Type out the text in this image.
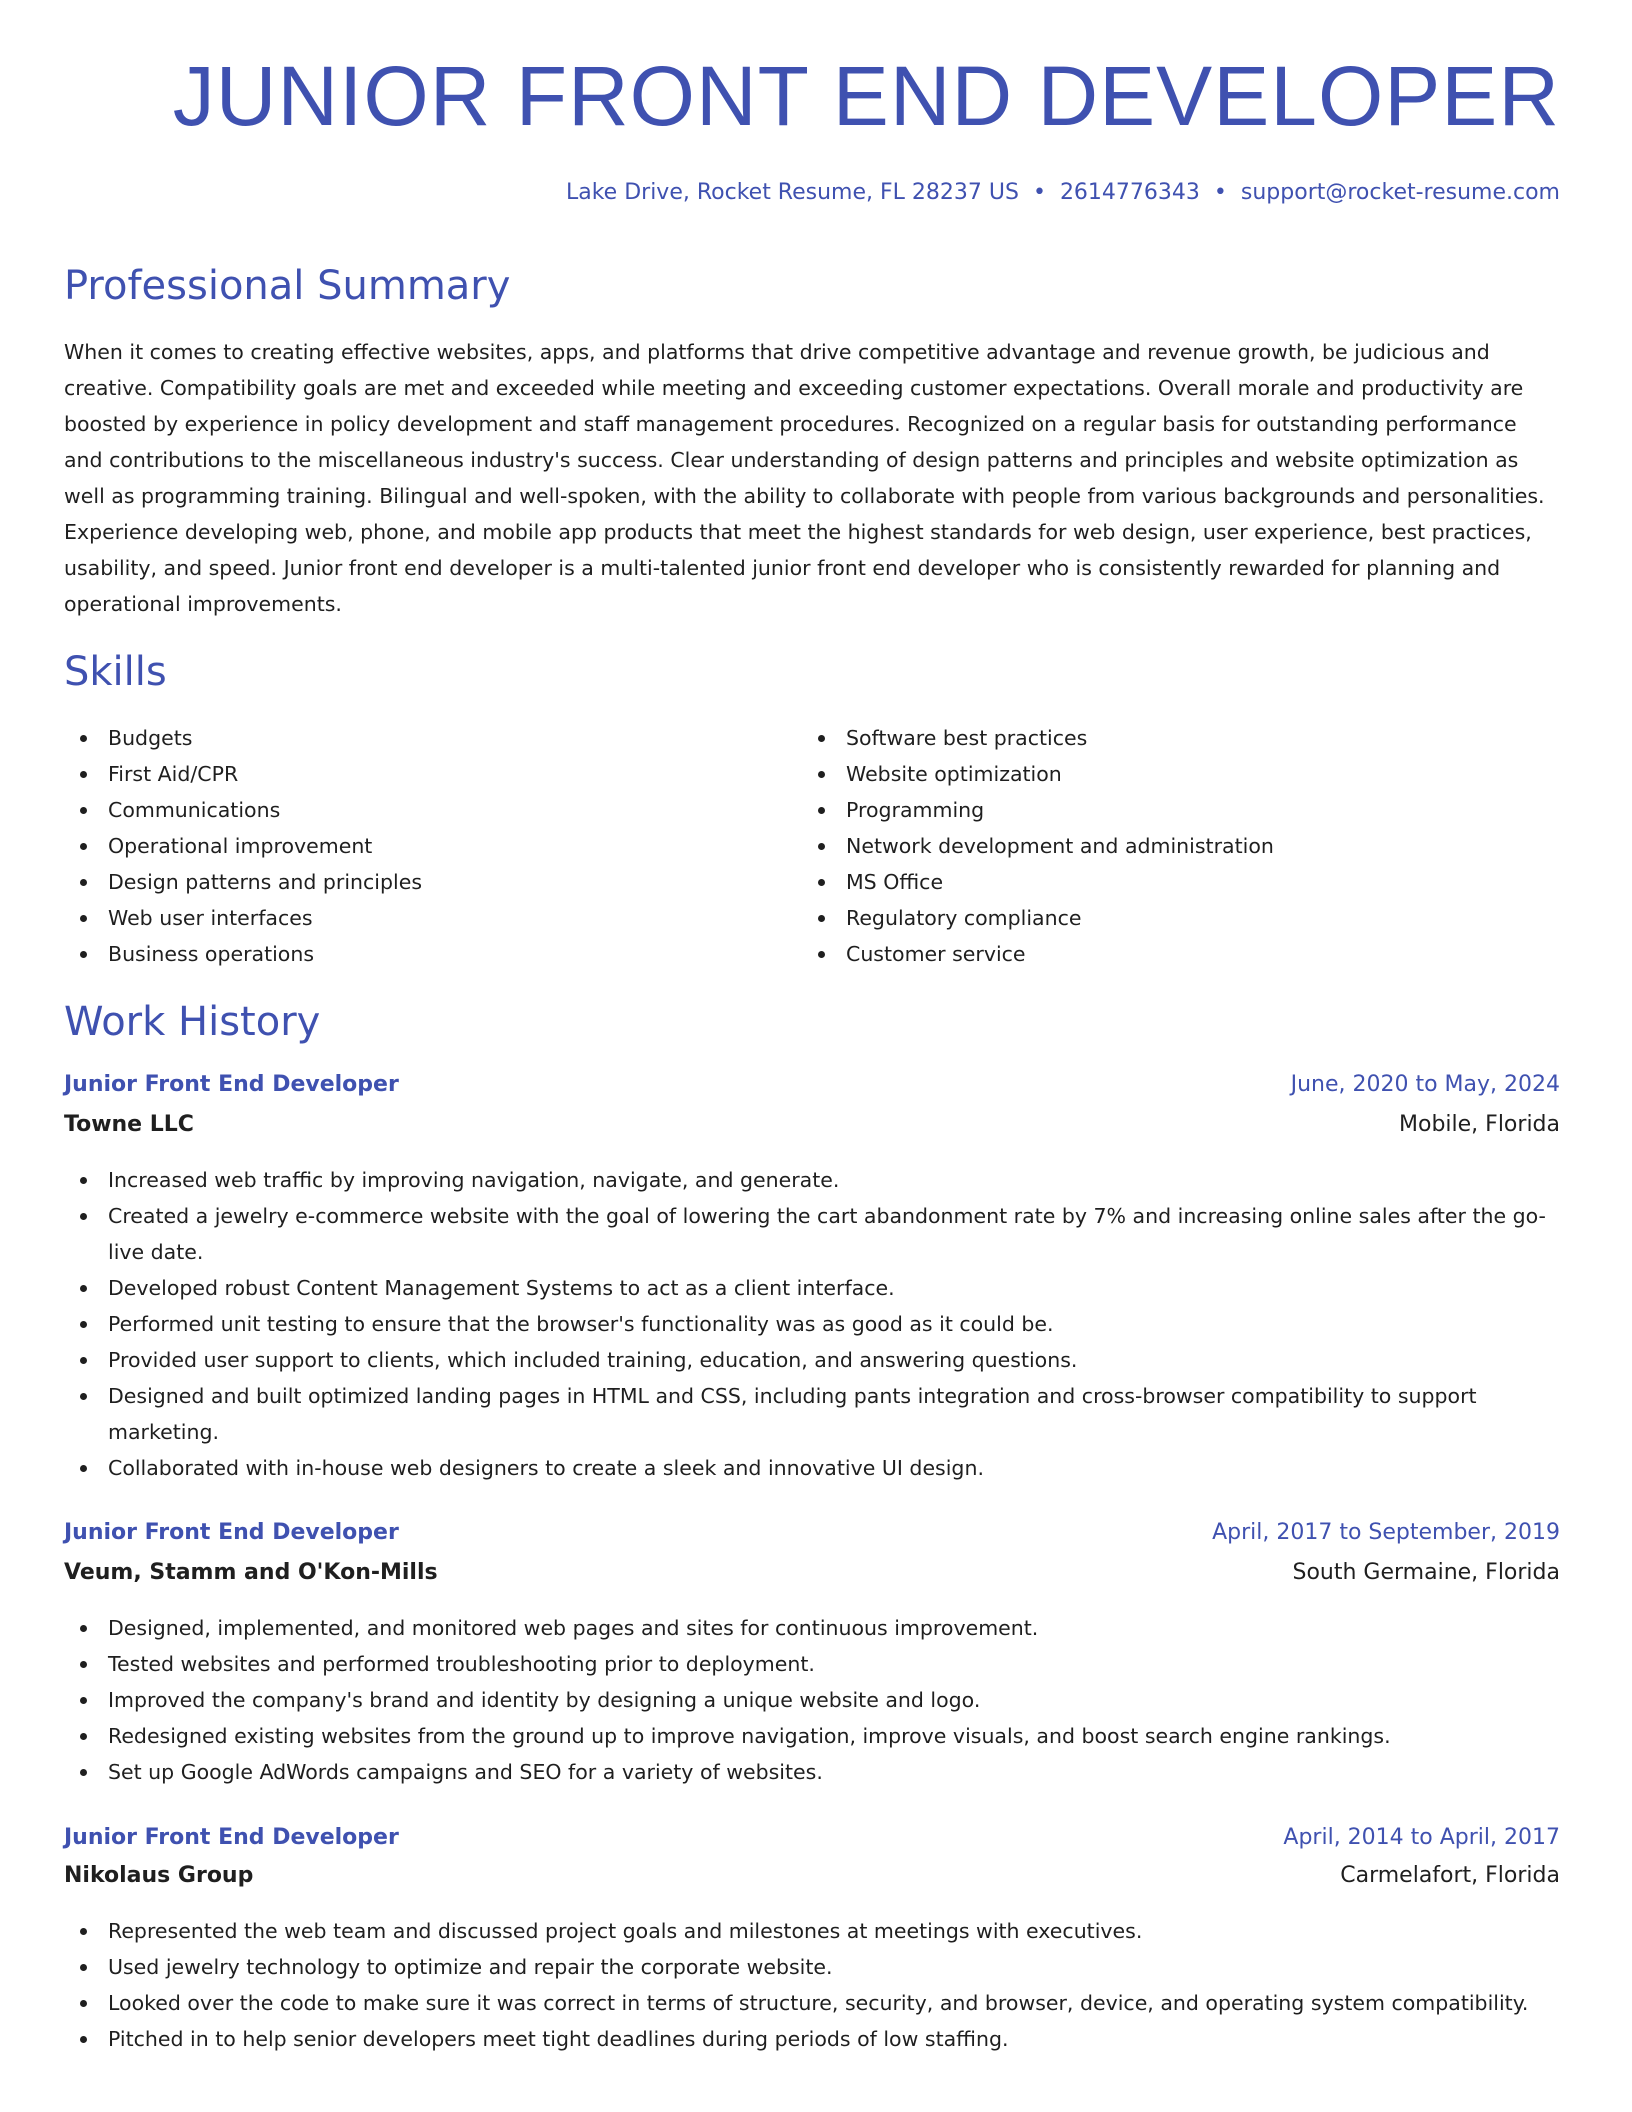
JUNIOR FRONT END DEVELOPER
Lake Drive, Rocket Resume, FL 28237 US • 2614776343 • support@rocket-resume.com
Professional Summary

When it comes to creating effective websites, apps, and platforms that drive competitive advantage and revenue growth, be judicious and creative. Compatibility goals are met and exceeded while meeting and exceeding customer expectations. Overall morale and productivity are boosted by experience in policy development and staff management procedures. Recognized on a regular basis for outstanding performance and contributions to the miscellaneous industry's success. Clear understanding of design patterns and principles and website optimization as well as programming training. Bilingual and well-spoken, with the ability to collaborate with people from various backgrounds and personalities. Experience developing web, phone, and mobile app products that meet the highest standards for web design, user experience, best practices, usability, and speed. Junior front end developer is a multi-talented junior front end developer who is consistently rewarded for planning and operational improvements.

Skills
Budgets
First Aid/CPR
Communications
Operational improvement
Design patterns and principles
Web user interfaces
Business operations
Software best practices
Website optimization
Programming
Network development and administration
MS Office
Regulatory compliance
Customer service
Work History
Junior Front End Developer	June, 2020 to May, 2024
Towne LLC	Mobile, Florida
Increased web traffic by improving navigation, navigate, and generate.
Created a jewelry e-commerce website with the goal of lowering the cart abandonment rate by 7% and increasing online sales after the go-live date.
Developed robust Content Management Systems to act as a client interface.
Performed unit testing to ensure that the browser's functionality was as good as it could be.
Provided user support to clients, which included training, education, and answering questions.
Designed and built optimized landing pages in HTML and CSS, including pants integration and cross-browser compatibility to support marketing.
Collaborated with in-house web designers to create a sleek and innovative UI design.
Junior Front End Developer	April, 2017 to September, 2019
Veum, Stamm and O'Kon-Mills	South Germaine, Florida
Designed, implemented, and monitored web pages and sites for continuous improvement.
Tested websites and performed troubleshooting prior to deployment.
Improved the company's brand and identity by designing a unique website and logo.
Redesigned existing websites from the ground up to improve navigation, improve visuals, and boost search engine rankings.
Set up Google AdWords campaigns and SEO for a variety of websites.
Junior Front End Developer	April, 2014 to April, 2017
Nikolaus Group	Carmelafort, Florida
Represented the web team and discussed project goals and milestones at meetings with executives.
Used jewelry technology to optimize and repair the corporate website.
Looked over the code to make sure it was correct in terms of structure, security, and browser, device, and operating system compatibility.
Pitched in to help senior developers meet tight deadlines during periods of low staffing.
